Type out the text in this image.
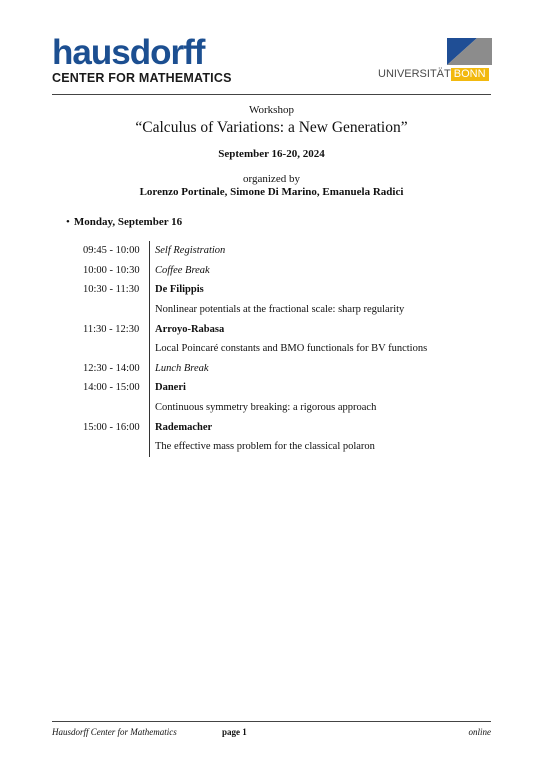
hausdorff
CENTER FOR MATHEMATICS	UNIVERSITÄT BONN
Workshop
“Calculus of Variations: a New Generation”
September 16-20, 2024
organized by
Lorenzo Portinale, Simone Di Marino, Emanuela Radici
• Monday, September 16
09:45 - 10:00	Self Registration
10:00 - 10:30	Coffee Break
10:30 - 11:30	De Filippis
Nonlinear potentials at the fractional scale: sharp regularity
11:30 - 12:30	Arroyo-Rabasa
Local Poincaré constants and BMO functionals for BV functions
12:30 - 14:00	Lunch Break
14:00 - 15:00	Daneri
Continuous symmetry breaking: a rigorous approach
15:00 - 16:00	Rademacher
The effective mass problem for the classical polaron
Hausdorff Center for Mathematics	page 1	online
